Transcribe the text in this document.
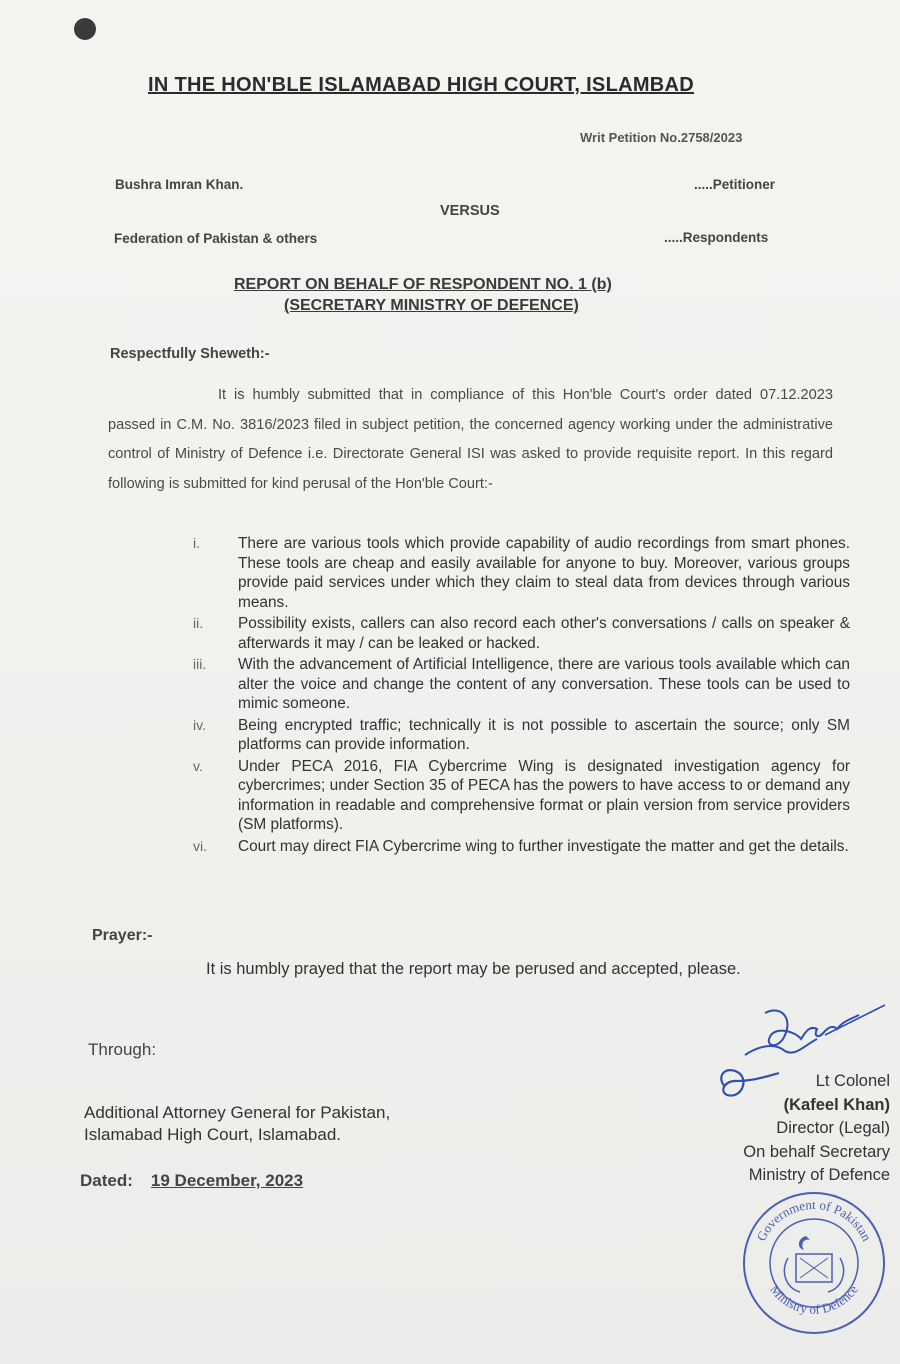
IN THE HON'BLE ISLAMABAD HIGH COURT, ISLAMBAD
Writ Petition No.2758/2023
Bushra Imran Khan.	.....Petitioner
VERSUS
Federation of Pakistan & others	.....Respondents
REPORT ON BEHALF OF RESPONDENT NO. 1 (b)
(SECRETARY MINISTRY OF DEFENCE)
Respectfully Sheweth:-

It is humbly submitted that in compliance of this Hon'ble Court's order dated 07.12.2023 passed in C.M. No. 3816/2023 filed in subject petition, the concerned agency working under the administrative control of Ministry of Defence i.e. Directorate General ISI was asked to provide requisite report. In this regard following is submitted for kind perusal of the Hon'ble Court:-

i.	There are various tools which provide capability of audio recordings from smart phones. These tools are cheap and easily available for anyone to buy. Moreover, various groups provide paid services under which they claim to steal data from devices through various means.
ii.	Possibility exists, callers can also record each other's conversations / calls on speaker & afterwards it may / can be leaked or hacked.
iii.	With the advancement of Artificial Intelligence, there are various tools available which can alter the voice and change the content of any conversation. These tools can be used to mimic someone.
iv.	Being encrypted traffic; technically it is not possible to ascertain the source; only SM platforms can provide information.
v.	Under PECA 2016, FIA Cybercrime Wing is designated investigation agency for cybercrimes; under Section 35 of PECA has the powers to have access to or demand any information in readable and comprehensive format or plain version from service providers (SM platforms).
vi.	Court may direct FIA Cybercrime wing to further investigate the matter and get the details.
Prayer:-
It is humbly prayed that the report may be perused and accepted, please.
Through:
Additional Attorney General for Pakistan,
Islamabad High Court, Islamabad.
Dated: 19 December, 2023
Lt Colonel
(Kafeel Khan)
Director (Legal)
On behalf Secretary
Ministry of Defence
Government of Pakistan
Ministry of Defence
